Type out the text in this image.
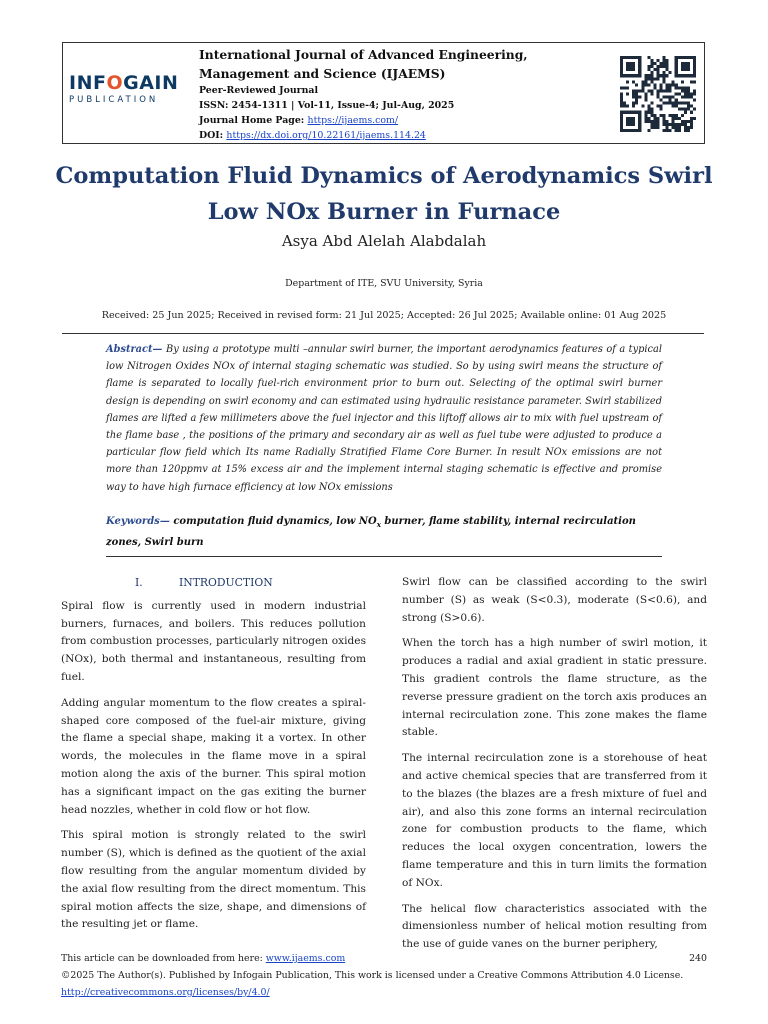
INFOGAIN
PUBLICATION
International Journal of Advanced Engineering, Management and Science (IJAEMS)
Peer-Reviewed Journal
ISSN: 2454-1311 | Vol-11, Issue-4; Jul-Aug, 2025
Journal Home Page: https://ijaems.com/
DOI: https://dx.doi.org/10.22161/ijaems.114.24
Computation Fluid Dynamics of Aerodynamics Swirl Low NOx Burner in Furnace
Asya Abd Alelah Alabdalah
Department of ITE, SVU University, Syria
Received: 25 Jun 2025; Received in revised form: 21 Jul 2025; Accepted: 26 Jul 2025; Available online: 01 Aug 2025
Abstract— By using a prototype multi –annular swirl burner, the important aerodynamics features of a typical low Nitrogen Oxides NOx of internal staging schematic was studied. So by using swirl means the structure of flame is separated to locally fuel-rich environment prior to burn out. Selecting of the optimal swirl burner design is depending on swirl economy and can estimated using hydraulic resistance parameter. Swirl stabilized flames are lifted a few millimeters above the fuel injector and this liftoff allows air to mix with fuel upstream of the flame base , the positions of the primary and secondary air as well as fuel tube were adjusted to produce a particular flow field which Its name Radially Stratified Flame Core Burner. In result NOx emissions are not more than 120ppmv at 15% excess air and the implement internal staging schematic is effective and promise way to have high furnace efficiency at low NOx emissions
Keywords— computation fluid dynamics, low $NO_x$ burner, flame stability, internal recirculation zones, Swirl burn
I.	INTRODUCTION

Spiral flow is currently used in modern industrial burners, furnaces, and boilers. This reduces pollution from combustion processes, particularly nitrogen oxides (NOx), both thermal and instantaneous, resulting from fuel.

Adding angular momentum to the flow creates a spiral-shaped core composed of the fuel-air mixture, giving the flame a special shape, making it a vortex. In other words, the molecules in the flame move in a spiral motion along the axis of the burner. This spiral motion has a significant impact on the gas exiting the burner head nozzles, whether in cold flow or hot flow.

This spiral motion is strongly related to the swirl number (S), which is defined as the quotient of the axial flow resulting from the angular momentum divided by the axial flow resulting from the direct momentum. This spiral motion affects the size, shape, and dimensions of the resulting jet or flame.

Swirl flow can be classified according to the swirl number (S) as weak (S<0.3), moderate (S<0.6), and strong (S>0.6).

When the torch has a high number of swirl motion, it produces a radial and axial gradient in static pressure. This gradient controls the flame structure, as the reverse pressure gradient on the torch axis produces an internal recirculation zone. This zone makes the flame stable.

The internal recirculation zone is a storehouse of heat and active chemical species that are transferred from it to the blazes (the blazes are a fresh mixture of fuel and air), and also this zone forms an internal recirculation zone for combustion products to the flame, which reduces the local oxygen concentration, lowers the flame temperature and this in turn limits the formation of NOx.

The helical flow characteristics associated with the dimensionless number of helical motion resulting from the use of guide vanes on the burner periphery,

This article can be downloaded from here: www.ijaems.com	240
©2025 The Author(s). Published by Infogain Publication, This work is licensed under a Creative Commons Attribution 4.0 License. http://creativecommons.org/licenses/by/4.0/
